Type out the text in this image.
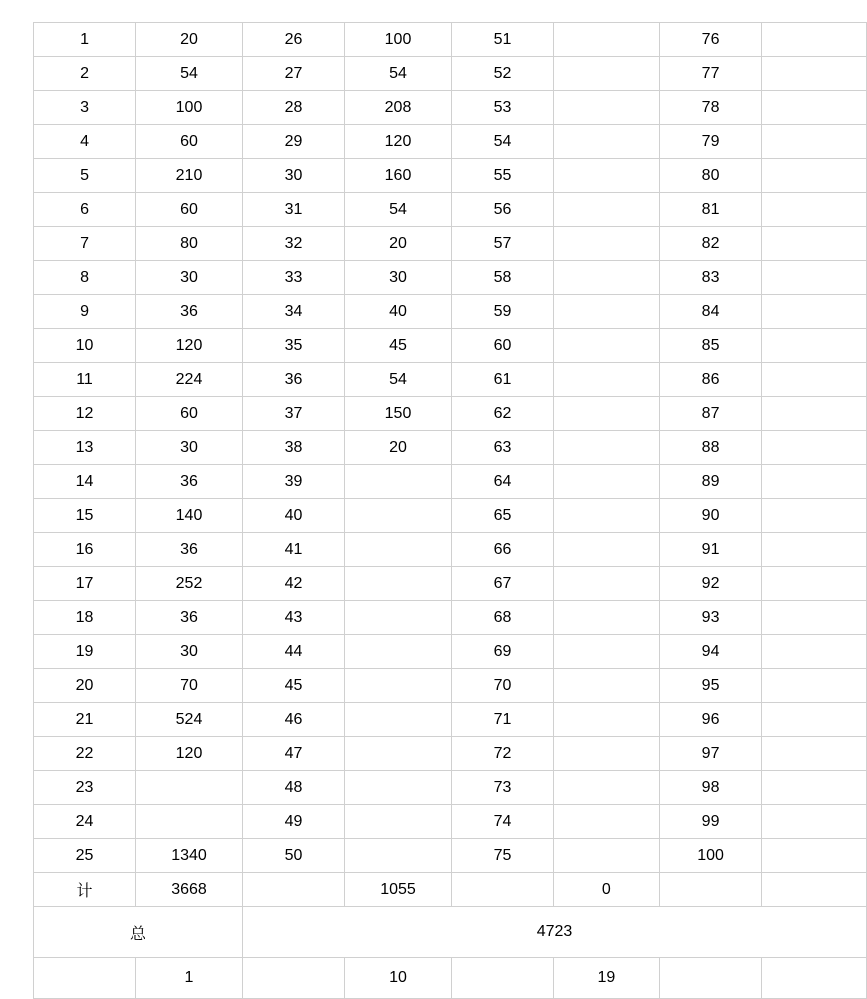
1	20	26	100	51		76	
2	54	27	54	52		77	
3	100	28	208	53		78	
4	60	29	120	54		79	
5	210	30	160	55		80	
6	60	31	54	56		81	
7	80	32	20	57		82	
8	30	33	30	58		83	
9	36	34	40	59		84	
10	120	35	45	60		85	
11	224	36	54	61		86	
12	60	37	150	62		87	
13	30	38	20	63		88	
14	36	39		64		89	
15	140	40		65		90	
16	36	41		66		91	
17	252	42		67		92	
18	36	43		68		93	
19	30	44		69		94	
20	70	45		70		95	
21	524	46		71		96	
22	120	47		72		97	
23		48		73		98	
24		49		74		99	
25	1340	50		75		100	
计	3668		1055		0		
总		4723					
	1		10		19		
